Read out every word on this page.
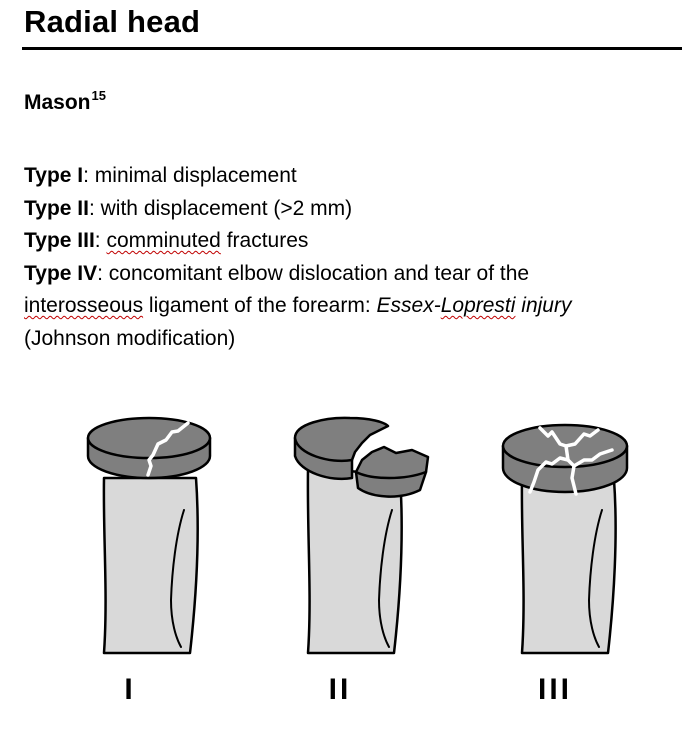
Radial head
Mason$^{15}$
Type I: minimal displacement
Type II: with displacement (>2 mm)
Type III: comminuted fractures
Type IV: concomitant elbow dislocation and tear of the
interosseous ligament of the forearm: Essex-Lopresti injury
(Johnson modification)
I	II	III
